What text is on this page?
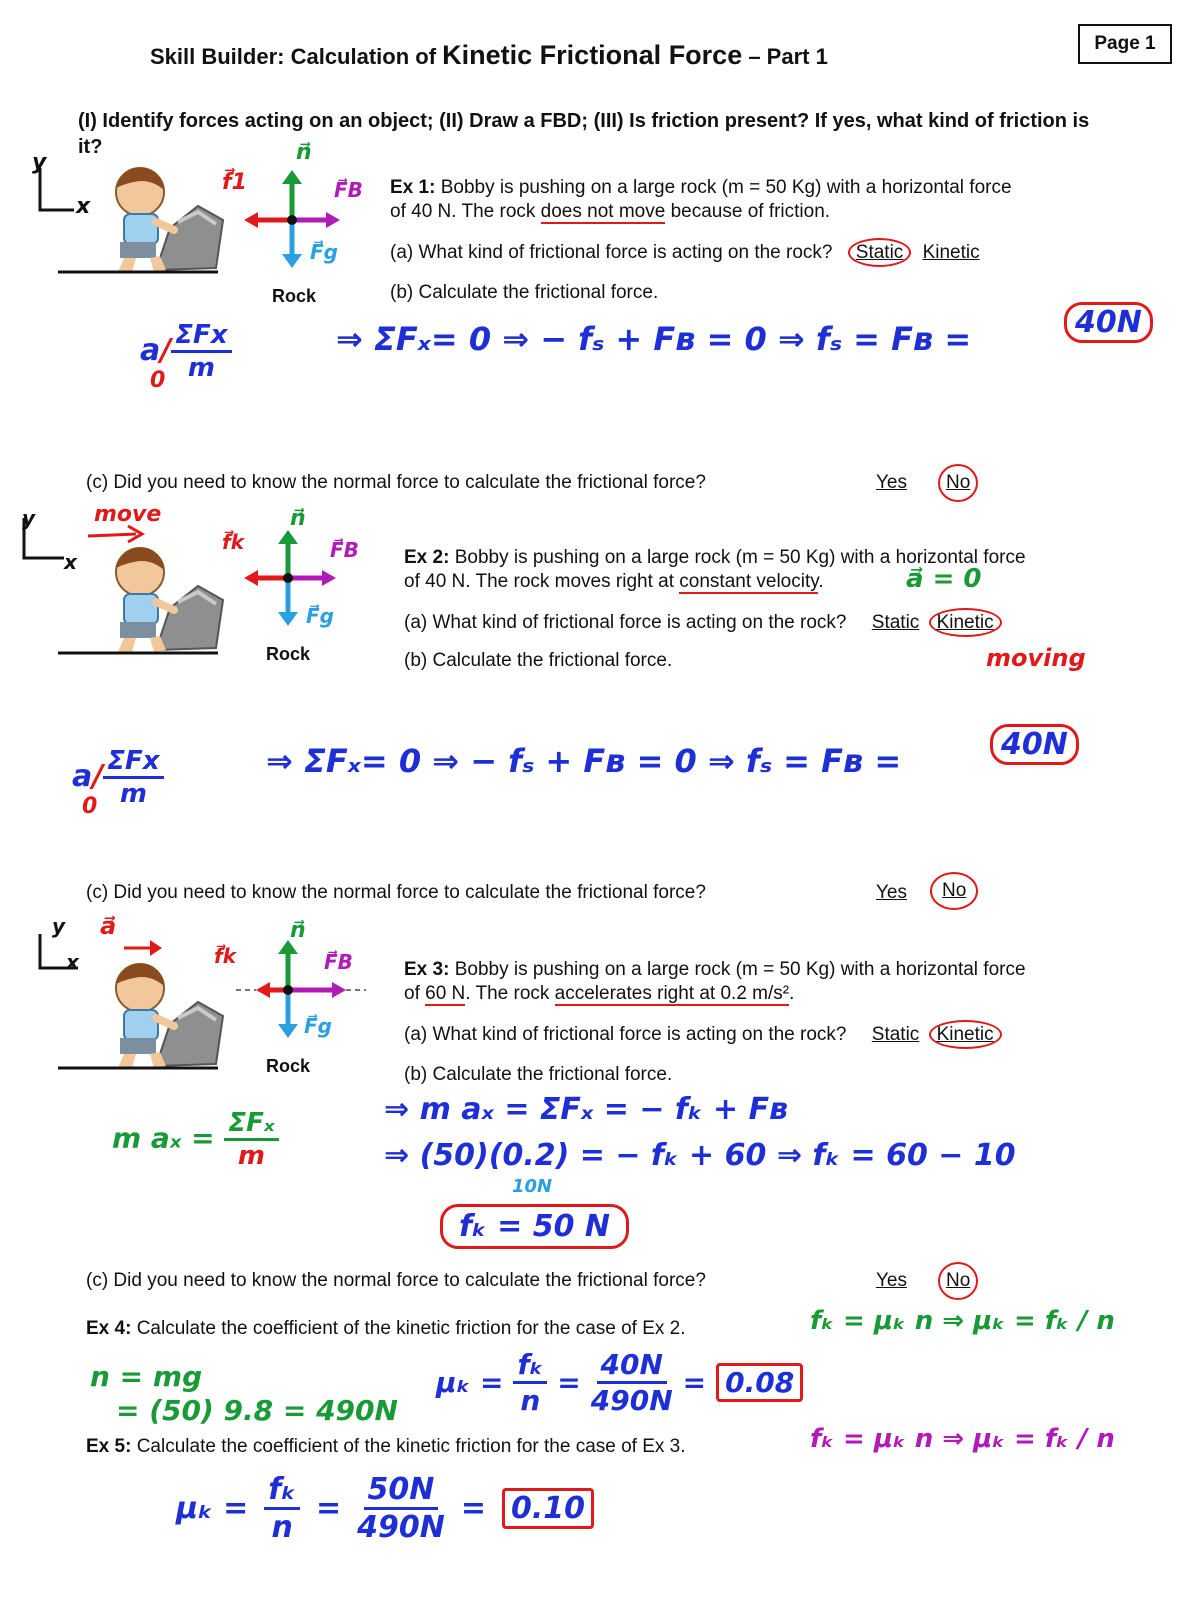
Skill Builder: Calculation of Kinetic Frictional Force – Part 1
Page 1
(I) Identify forces acting on an object; (II) Draw a FBD; (III) Is friction present? If yes, what kind of friction is it?
y
x
f⃗1
n⃗
F⃗B
F⃗g
Rock
Ex 1: Bobby is pushing on a large rock (m = 50 Kg) with a horizontal force
of 40 N. The rock does not move because of friction.
(a) What kind of frictional force is acting on the rock? Static Kinetic
(b) Calculate the frictional force.
$a/ \frac{\text{ΣFx}}{m}$
0
⇒ ΣFₓ= 0 ⇒ − fₛ + Fʙ = 0 ⇒ fₛ = Fʙ =	40N
(c) Did you need to know the normal force to calculate the frictional force?	Yes	No
y
x
move
f⃗k
n⃗
F⃗B
F⃗g
Rock
Ex 2: Bobby is pushing on a large rock (m = 50 Kg) with a horizontal force
of 40 N. The rock moves right at constant velocity.	a⃗ = 0
(a) What kind of frictional force is acting on the rock? Static Kinetic
moving
(b) Calculate the frictional force.
$a/ \frac{\text{ΣFx}}{m}$
0
⇒ ΣFₓ= 0 ⇒ − fₛ + Fʙ = 0 ⇒ fₛ = Fʙ =	40N
(c) Did you need to know the normal force to calculate the frictional force?	Yes	No
y
x
a⃗
f⃗k
n⃗
F⃗B
F⃗g
Rock
Ex 3: Bobby is pushing on a large rock (m = 50 Kg) with a horizontal force
of 60 N. The rock accelerates right at 0.2 m/s².
(a) What kind of frictional force is acting on the rock? Static Kinetic
(b) Calculate the frictional force.
m $a_x = \frac{\text{ΣFₓ}}{m}$	⇒ m aₓ = ΣFₓ = − fₖ + Fʙ
⇒ (50)(0.2) = − fₖ + 60 ⇒ fₖ = 60 − 10
10N
fₖ = 50 N
(c) Did you need to know the normal force to calculate the frictional force?	Yes	No
Ex 4: Calculate the coefficient of the kinetic friction for the case of Ex 2.	fₖ = μₖ n ⇒ μₖ = fₖ / n
n = mg
= (50) 9.8 = 490N
$\mu_k = \frac{\text{fₖ}}{n} = \frac{40N}{490N} = 0.08$
Ex 5: Calculate the coefficient of the kinetic friction for the case of Ex 3.	fₖ = μₖ n ⇒ μₖ = fₖ / n
$\mu_k = \frac{\text{fₖ}}{n} = \frac{50N}{490N} = 0.10$
